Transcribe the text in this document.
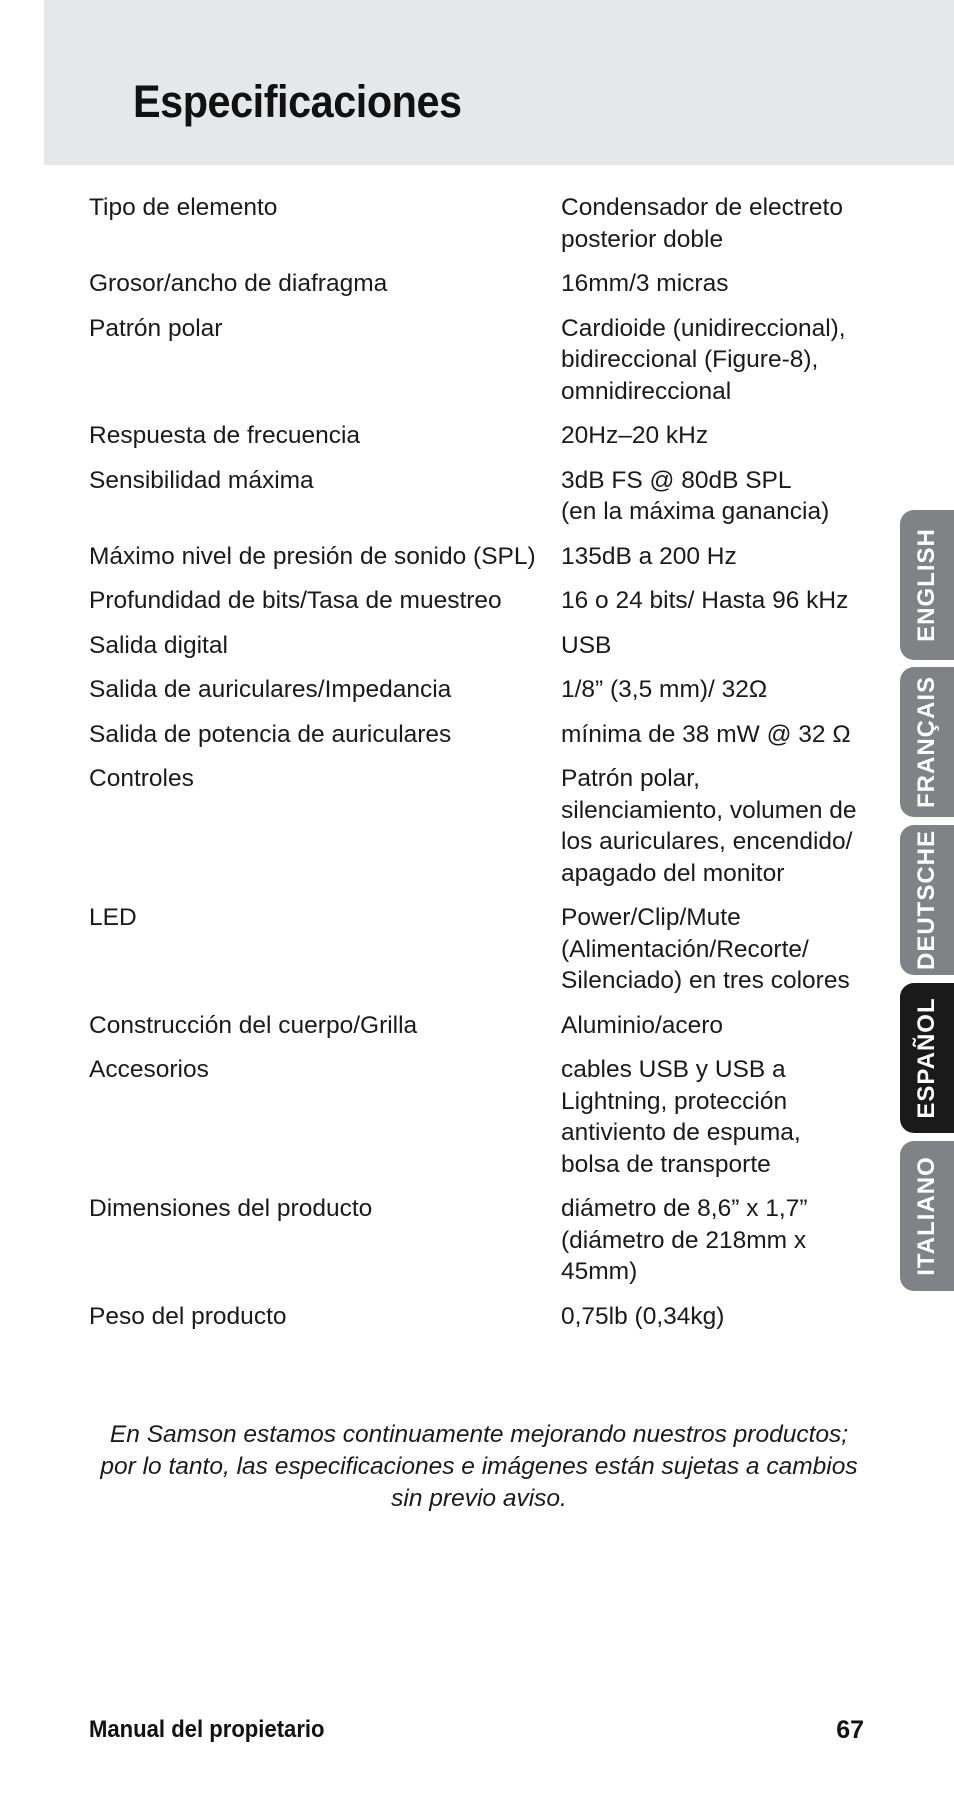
Especificaciones
Tipo de elemento	Condensador de electreto
posterior doble
Grosor/ancho de diafragma	16mm/3 micras
Patrón polar	Cardioide (unidireccional),
bidireccional (Figure-8),
omnidireccional
Respuesta de frecuencia	20Hz–20 kHz
Sensibilidad máxima	3dB FS @ 80dB SPL
(en la máxima ganancia)
Máximo nivel de presión de sonido (SPL)	135dB a 200 Hz
Profundidad de bits/Tasa de muestreo	16 o 24 bits/ Hasta 96 kHz
Salida digital	USB
Salida de auriculares/Impedancia	1/8” (3,5 mm)/ 32Ω
Salida de potencia de auriculares	mínima de 38 mW @ 32 Ω
Controles	Patrón polar,
silenciamiento, volumen de
los auriculares, encendido/
apagado del monitor
LED	Power/Clip/Mute
(Alimentación/Recorte/
Silenciado) en tres colores
Construcción del cuerpo/Grilla	Aluminio/acero
Accesorios	cables USB y USB a
Lightning, protección
antiviento de espuma,
bolsa de transporte
Dimensiones del producto	diámetro de 8,6” x 1,7”
(diámetro de 218mm x
45mm)
Peso del producto	0,75lb (0,34kg)
En Samson estamos continuamente mejorando nuestros productos; por lo tanto, las especificaciones e imágenes están sujetas a cambios sin previo aviso.
Manual del propietario	67
ENGLISH
FRANÇAIS
DEUTSCHE
ESPAÑOL
ITALIANO
